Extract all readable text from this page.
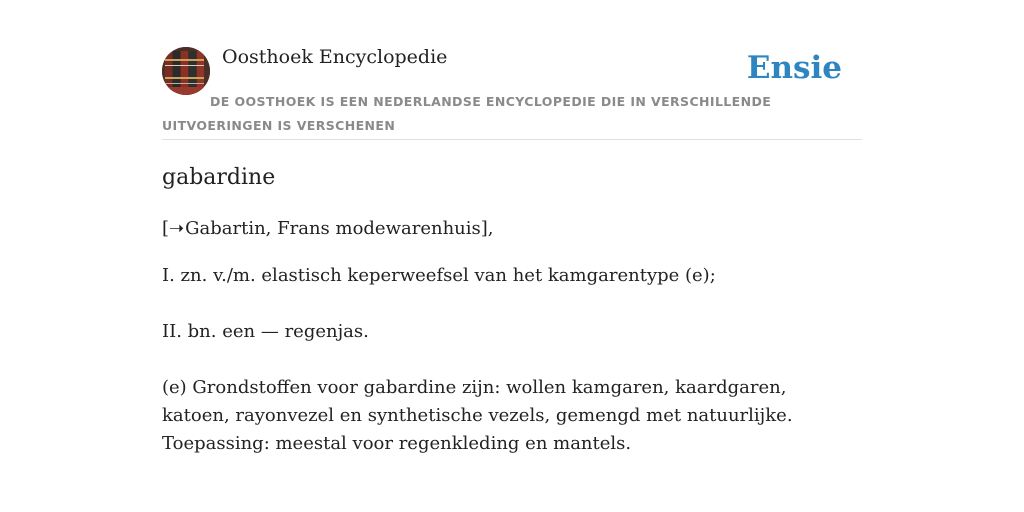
Oosthoek Encyclopedie	Ensie
DE OOSTHOEK IS EEN NEDERLANDSE ENCYCLOPEDIE DIE IN VERSCHILLENDE UITVOERINGEN IS VERSCHENEN
gabardine

[➝Gabartin, Frans modewarenhuis],

I. zn. v./m. elastisch keperweefsel van het kamgarentype (e);

II. bn. een — regenjas.

(e) Grondstoffen voor gabardine zijn: wollen kamgaren, kaardgaren, katoen, rayonvezel en synthetische vezels, gemengd met natuurlijke. Toepassing: meestal voor regenkleding en mantels.
